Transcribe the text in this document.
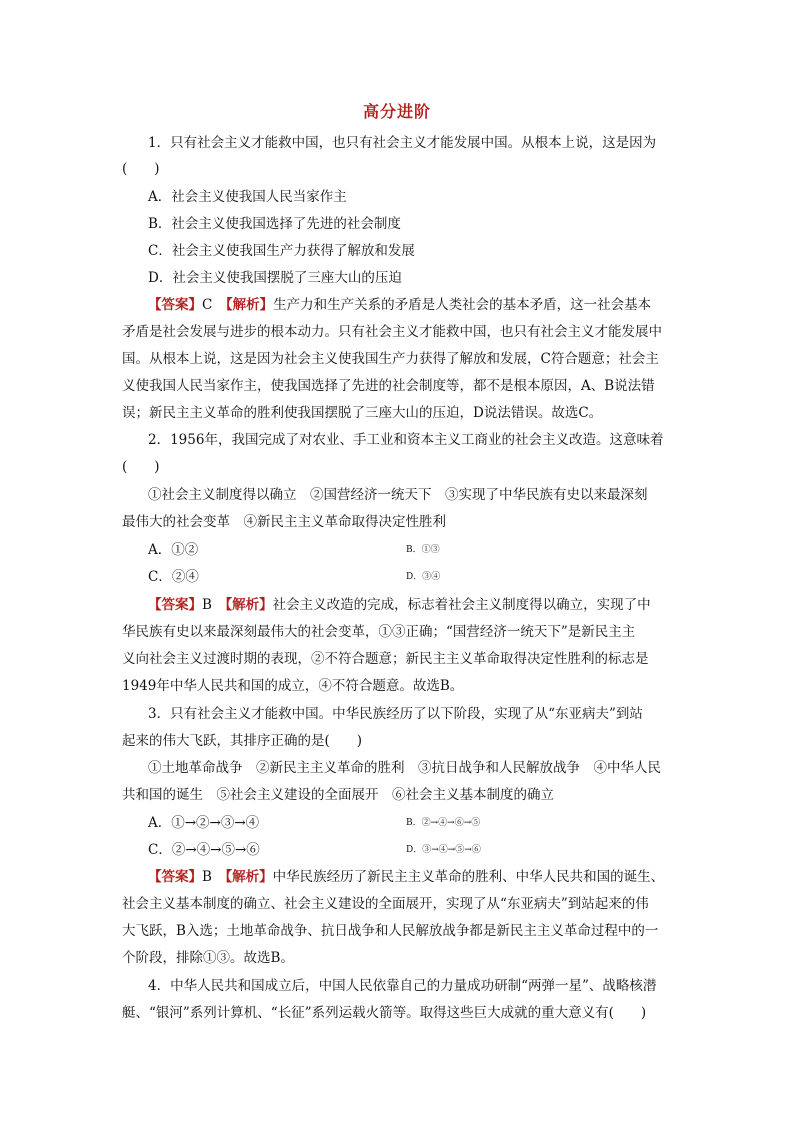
高分进阶
1．只有社会主义才能救中国，也只有社会主义才能发展中国。从根本上说，这是因为
(　　)
A．社会主义使我国人民当家作主
B．社会主义使我国选择了先进的社会制度
C．社会主义使我国生产力获得了解放和发展
D．社会主义使我国摆脱了三座大山的压迫
【答案】C　【解析】生产力和生产关系的矛盾是人类社会的基本矛盾，这一社会基本
矛盾是社会发展与进步的根本动力。只有社会主义才能救中国，也只有社会主义才能发展中
国。从根本上说，这是因为社会主义使我国生产力获得了解放和发展，C符合题意；社会主
义使我国人民当家作主，使我国选择了先进的社会制度等，都不是根本原因，A、B说法错
误；新民主主义革命的胜利使我国摆脱了三座大山的压迫，D说法错误。故选C。
2．1956年，我国完成了对农业、手工业和资本主义工商业的社会主义改造。这意味着
(　　)
①社会主义制度得以确立　②国营经济一统天下　③实现了中华民族有史以来最深刻
最伟大的社会变革　④新民主主义革命取得决定性胜利
A．①②	B．①③
C．②④	D．③④
【答案】B　【解析】社会主义改造的完成，标志着社会主义制度得以确立，实现了中
华民族有史以来最深刻最伟大的社会变革，①③正确；“国营经济一统天下”是新民主主
义向社会主义过渡时期的表现，②不符合题意；新民主主义革命取得决定性胜利的标志是
1949年中华人民共和国的成立，④不符合题意。故选B。
3．只有社会主义才能救中国。中华民族经历了以下阶段，实现了从“东亚病夫”到站
起来的伟大飞跃，其排序正确的是(　　)
①土地革命战争　②新民主主义革命的胜利　③抗日战争和人民解放战争　④中华人民
共和国的诞生　⑤社会主义建设的全面展开　⑥社会主义基本制度的确立
A．①→②→③→④	B．②→④→⑥→⑤
C．②→④→⑤→⑥	D．③→④→⑤→⑥
【答案】B　【解析】中华民族经历了新民主主义革命的胜利、中华人民共和国的诞生、
社会主义基本制度的确立、社会主义建设的全面展开，实现了从“东亚病夫”到站起来的伟
大飞跃，B入选；土地革命战争、抗日战争和人民解放战争都是新民主主义革命过程中的一
个阶段，排除①③。故选B。
4．中华人民共和国成立后，中国人民依靠自己的力量成功研制“两弹一星”、战略核潜
艇、“银河”系列计算机、“长征”系列运载火箭等。取得这些巨大成就的重大意义有(　　)
